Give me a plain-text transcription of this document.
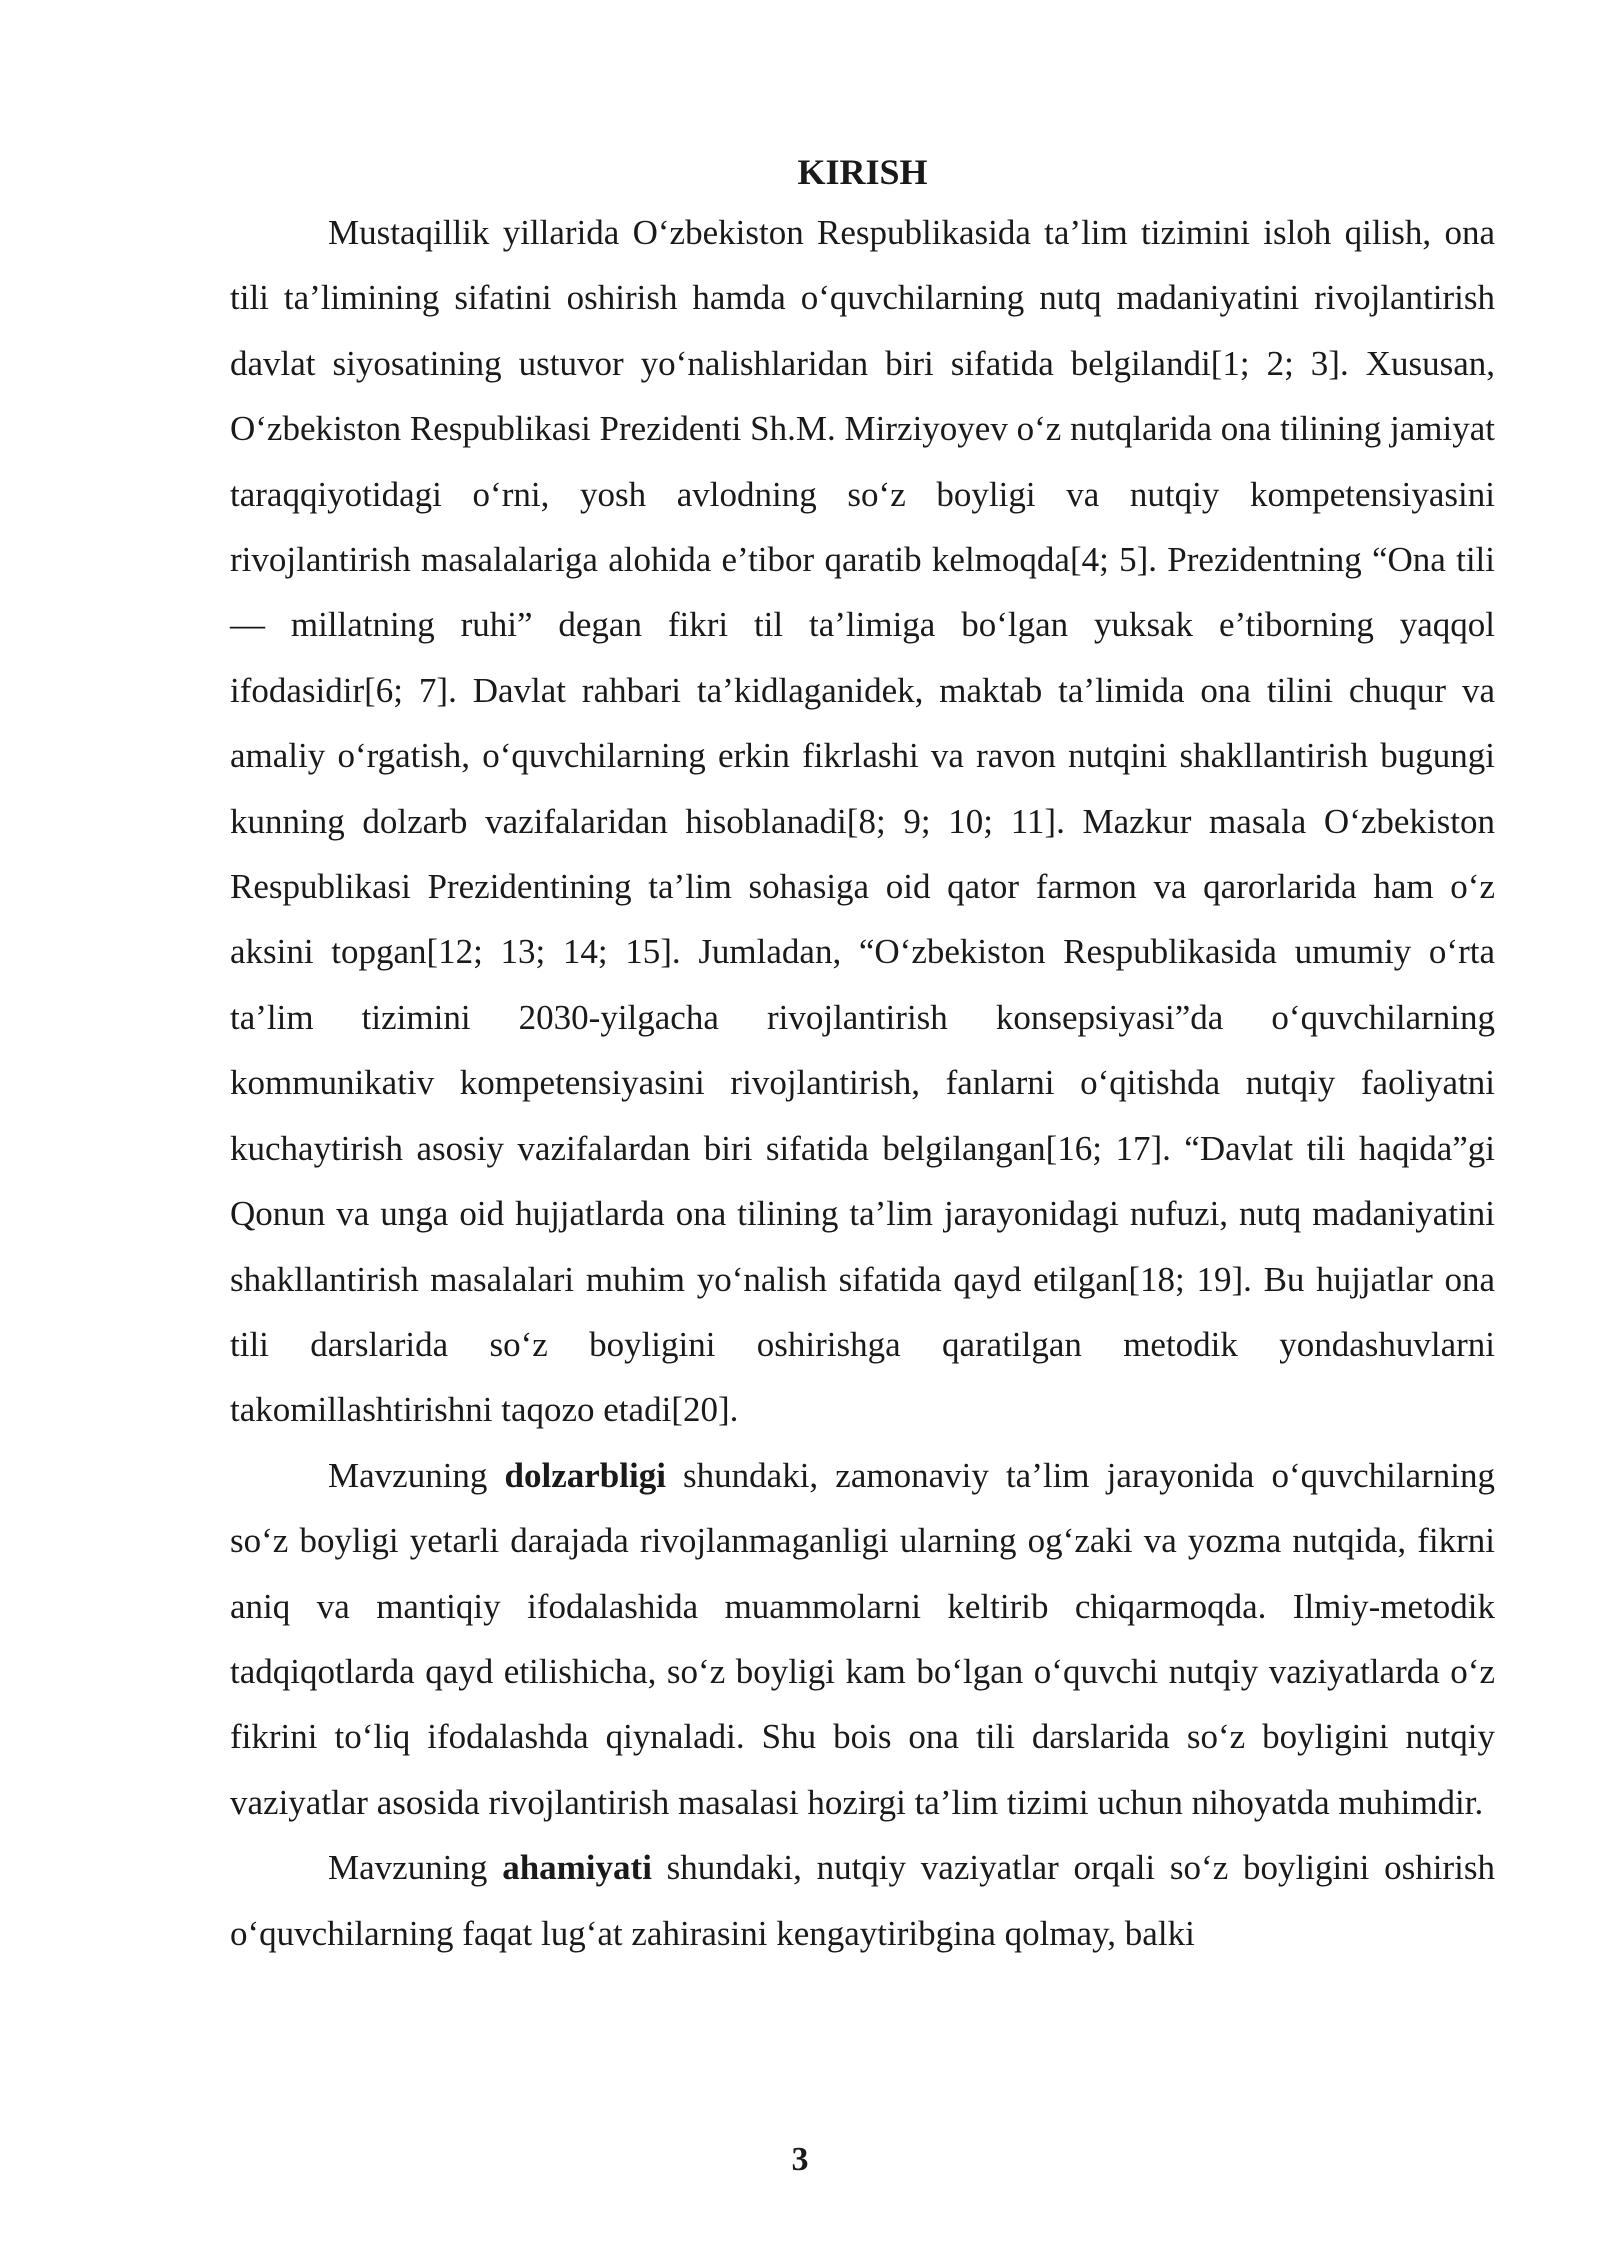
KIRISH

Mustaqillik yillarida O‘zbekiston Respublikasida ta’lim tizimini isloh qilish, ona tili ta’limining sifatini oshirish hamda o‘quvchilarning nutq madaniyatini rivojlantirish davlat siyosatining ustuvor yo‘nalishlaridan biri sifatida belgilandi[1; 2; 3]. Xususan, O‘zbekiston Respublikasi Prezidenti Sh.M. Mirziyoyev o‘z nutqlarida ona tilining jamiyat taraqqiyotidagi o‘rni, yosh avlodning so‘z boyligi va nutqiy kompetensiyasini rivojlantirish masalalariga alohida e’tibor qaratib kelmoqda[4; 5]. Prezidentning “Ona tili — millatning ruhi” degan fikri til ta’limiga bo‘lgan yuksak e’tiborning yaqqol ifodasidir[6; 7]. Davlat rahbari ta’kidlaganidek, maktab ta’limida ona tilini chuqur va amaliy o‘rgatish, o‘quvchilarning erkin fikrlashi va ravon nutqini shakllantirish bugungi kunning dolzarb vazifalaridan hisoblanadi[8; 9; 10; 11]. Mazkur masala O‘zbekiston Respublikasi Prezidentining ta’lim sohasiga oid qator farmon va qarorlarida ham o‘z aksini topgan[12; 13; 14; 15]. Jumladan, “O‘zbekiston Respublikasida umumiy o‘rta ta’lim tizimini 2030-yilgacha rivojlantirish konsepsiyasi”da o‘quvchilarning kommunikativ kompetensiyasini rivojlantirish, fanlarni o‘qitishda nutqiy faoliyatni kuchaytirish asosiy vazifalardan biri sifatida belgilangan[16; 17]. “Davlat tili haqida”gi Qonun va unga oid hujjatlarda ona tilining ta’lim jarayonidagi nufuzi, nutq madaniyatini shakllantirish masalalari muhim yo‘nalish sifatida qayd etilgan[18; 19]. Bu hujjatlar ona tili darslarida so‘z boyligini oshirishga qaratilgan metodik yondashuvlarni takomillashtirishni taqozo etadi[20].

Mavzuning dolzarbligi shundaki, zamonaviy ta’lim jarayonida o‘quvchilarning so‘z boyligi yetarli darajada rivojlanmaganligi ularning og‘zaki va yozma nutqida, fikrni aniq va mantiqiy ifodalashida muammolarni keltirib chiqarmoqda. Ilmiy-metodik tadqiqotlarda qayd etilishicha, so‘z boyligi kam bo‘lgan o‘quvchi nutqiy vaziyatlarda o‘z fikrini to‘liq ifodalashda qiynaladi. Shu bois ona tili darslarida so‘z boyligini nutqiy vaziyatlar asosida rivojlantirish masalasi hozirgi ta’lim tizimi uchun nihoyatda muhimdir.

Mavzuning ahamiyati shundaki, nutqiy vaziyatlar orqali so‘z boyligini oshirish o‘quvchilarning faqat lug‘at zahirasini kengaytiribgina qolmay, balki

3
